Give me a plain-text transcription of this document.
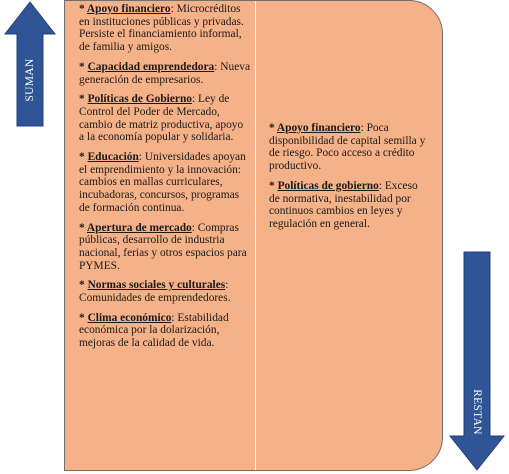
SUMAN
* Apoyo financiero: Microcréditos en instituciones públicas y privadas. Persiste el financiamiento informal, de familia y amigos.
* Capacidad emprendedora: Nueva generación de empresarios.
* Políticas de Gobierno: Ley de Control del Poder de Mercado, cambio de matriz productiva, apoyo a la economía popular y solidaria.
* Educación: Universidades apoyan el emprendimiento y la innovación: cambios en mallas curriculares, incubadoras, concursos, programas de formación continua.
* Apertura de mercado: Compras públicas, desarrollo de industria nacional, ferias y otros espacios para PYMES.
* Normas sociales y culturales: Comunidades de emprendedores.
* Clima económico: Estabilidad económica por la dolarización, mejoras de la calidad de vida.
* Apoyo financiero: Poca disponibilidad de capital semilla y de riesgo. Poco acceso a crédito productivo.
* Políticas de gobierno: Exceso de normativa, inestabilidad por continuos cambios en leyes y regulación en general.
RESTAN
